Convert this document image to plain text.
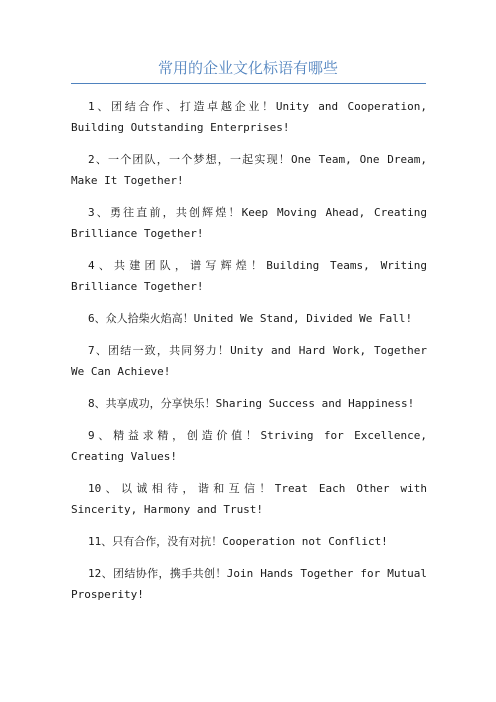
常用的企业文化标语有哪些
1、团结合作、打造卓越企业！Unity and Cooperation, Building Outstanding Enterprises!
2、一个团队，一个梦想，一起实现！One Team, One Dream, Make It Together!
3、勇往直前，共创辉煌！Keep Moving Ahead, Creating Brilliance Together!
4、共建团队，谱写辉煌！Building Teams, Writing Brilliance Together!
6、众人拾柴火焰高！United We Stand, Divided We Fall!
7、团结一致，共同努力！Unity and Hard Work, Together We Can Achieve!
8、共享成功，分享快乐！Sharing Success and Happiness!
9、精益求精，创造价值！Striving for Excellence, Creating Values!
10、以诚相待，谐和互信！Treat Each Other with Sincerity, Harmony and Trust!
11、只有合作，没有对抗！Cooperation not Conflict!
12、团结协作，携手共创！Join Hands Together for Mutual Prosperity!
